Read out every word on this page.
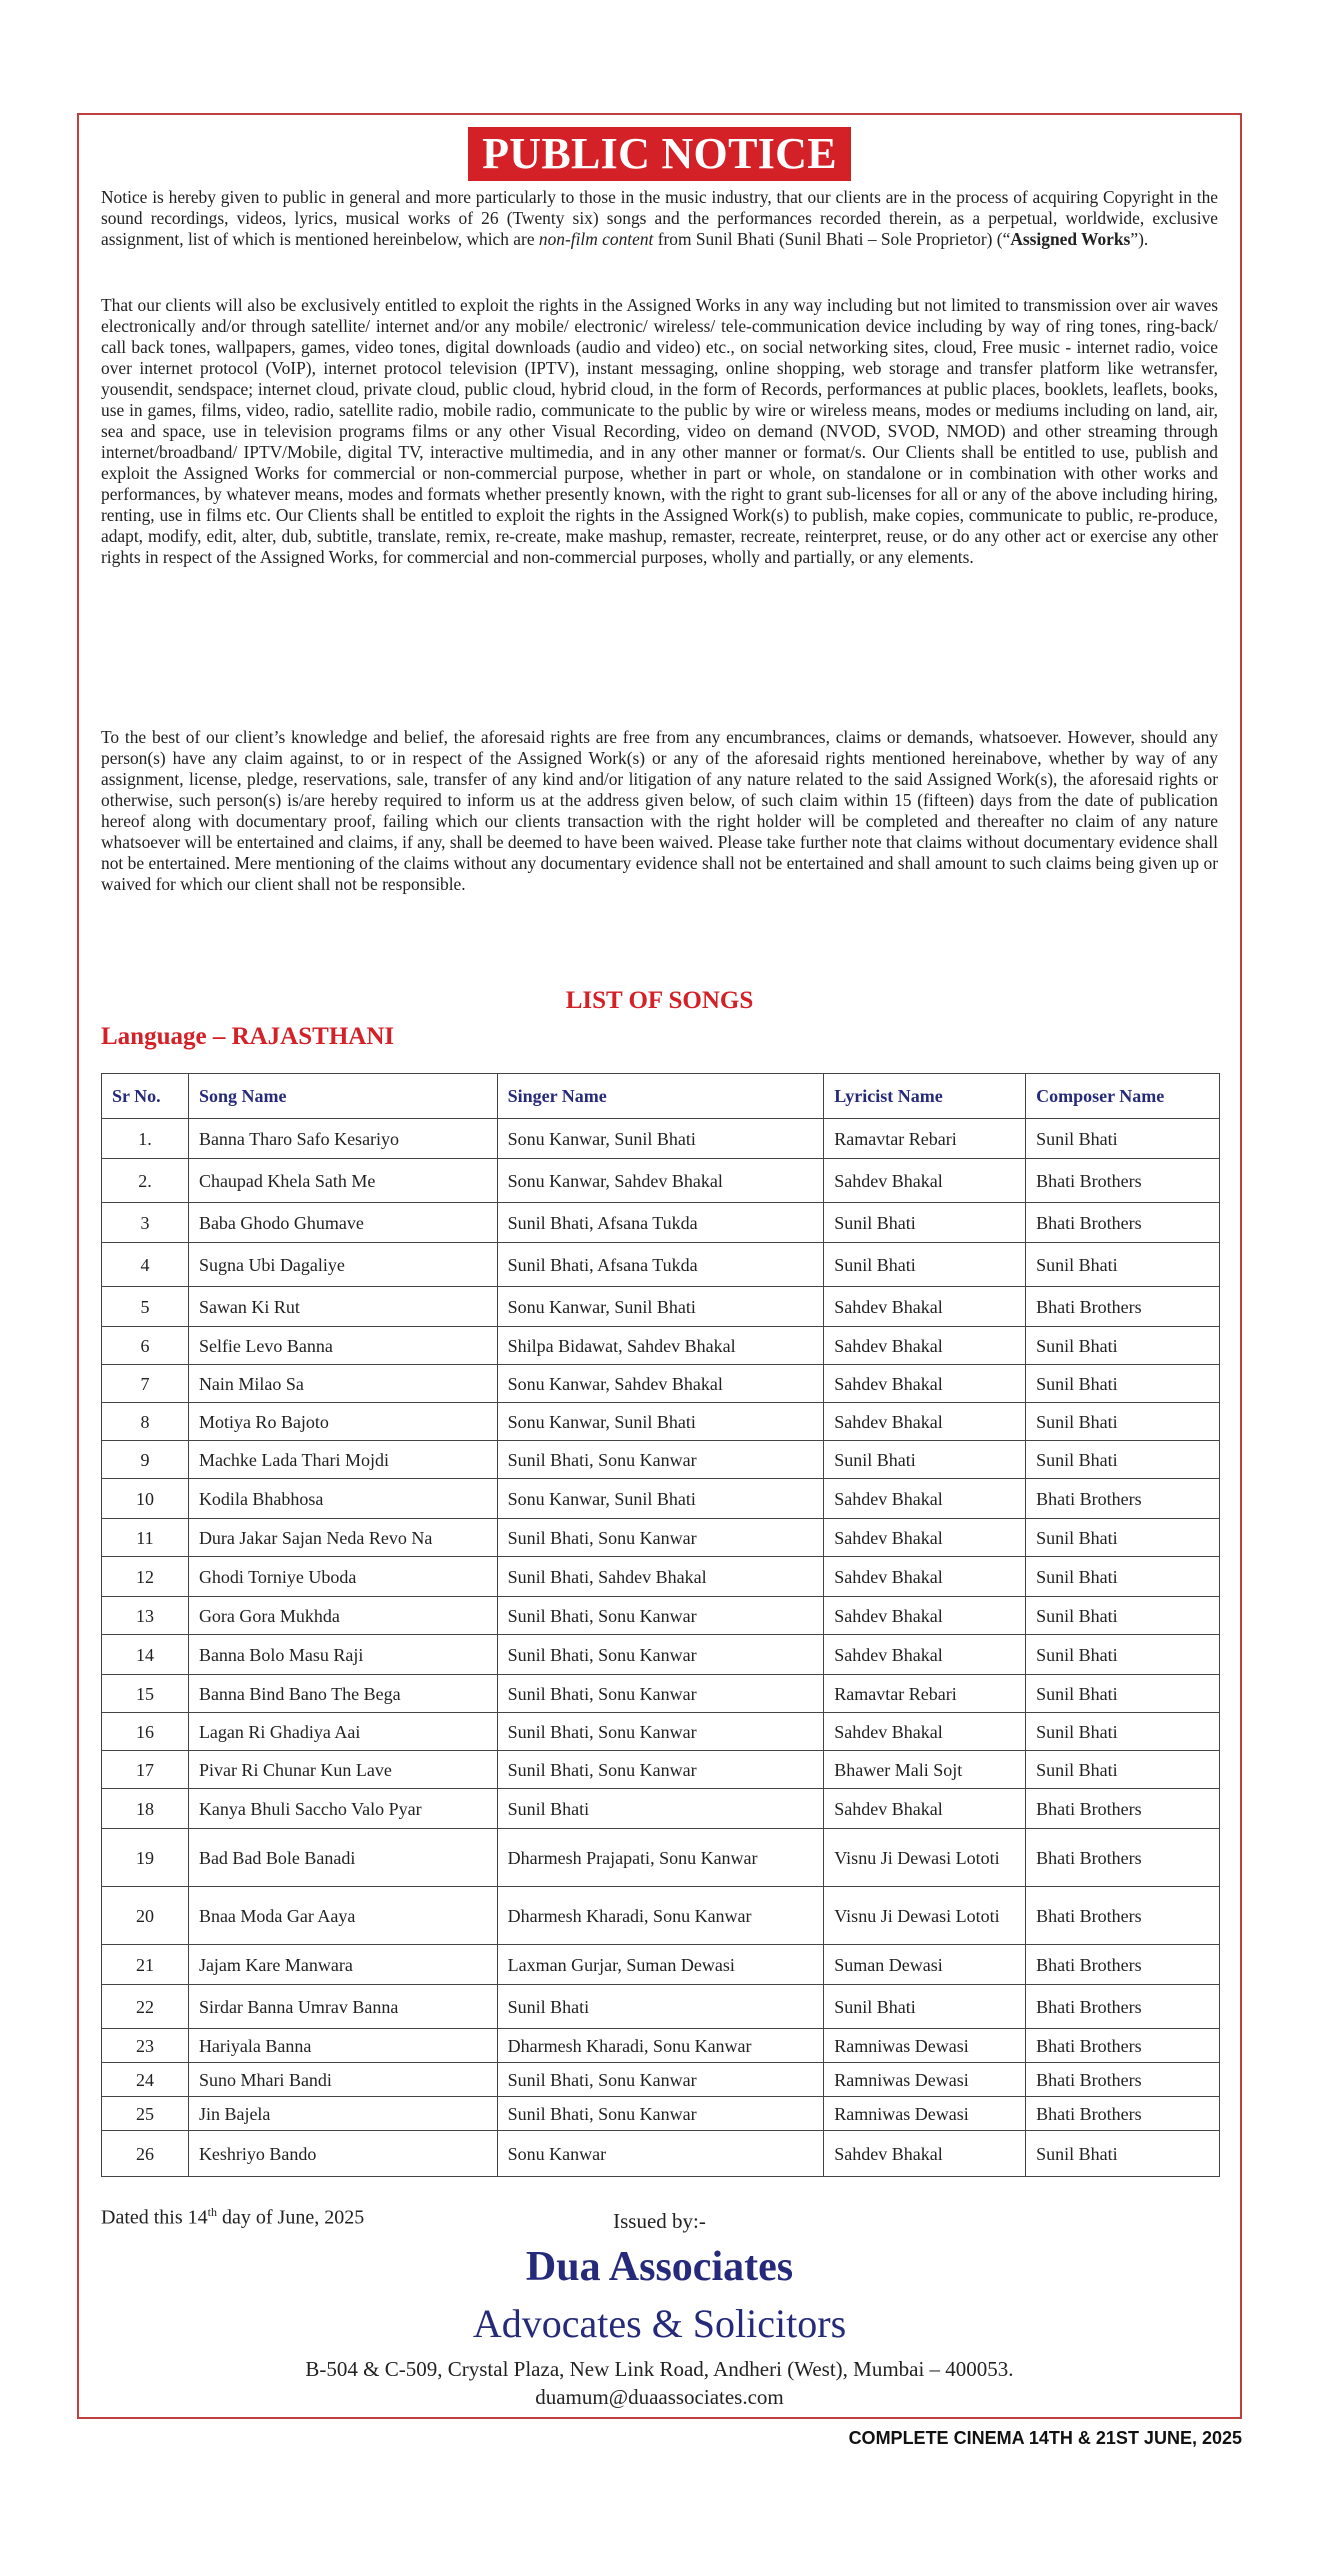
PUBLIC NOTICE

Notice is hereby given to public in general and more particularly to those in the music industry, that our clients are in the process of acquiring Copyright in the sound recordings, videos, lyrics, musical works of 26 (Twenty six) songs and the performances recorded therein, as a perpetual, worldwide, exclusive assignment, list of which is mentioned hereinbelow, which are non-film content from Sunil Bhati (Sunil Bhati – Sole Proprietor) (“Assigned Works”).

That our clients will also be exclusively entitled to exploit the rights in the Assigned Works in any way including but not limited to transmission over air waves electronically and/or through satellite/ internet and/or any mobile/ electronic/ wireless/ tele-communication device including by way of ring tones, ring-back/ call back tones, wallpapers, games, video tones, digital downloads (audio and video) etc., on social networking sites, cloud, Free music - internet radio, voice over internet protocol (VoIP), internet protocol television (IPTV), instant messaging, online shopping, web storage and transfer platform like wetransfer, yousendit, sendspace; internet cloud, private cloud, public cloud, hybrid cloud, in the form of Records, performances at public places, booklets, leaflets, books, use in games, films, video, radio, satellite radio, mobile radio, communicate to the public by wire or wireless means, modes or mediums including on land, air, sea and space, use in television programs films or any other Visual Recording, video on demand (NVOD, SVOD, NMOD) and other streaming through internet/broadband/ IPTV/Mobile, digital TV, interactive multimedia, and in any other manner or format/s. Our Clients shall be entitled to use, publish and exploit the Assigned Works for commercial or non-commercial purpose, whether in part or whole, on standalone or in combination with other works and performances, by whatever means, modes and formats whether presently known, with the right to grant sub-licenses for all or any of the above including hiring, renting, use in films etc. Our Clients shall be entitled to exploit the rights in the Assigned Work(s) to publish, make copies, communicate to public, re-produce, adapt, modify, edit, alter, dub, subtitle, translate, remix, re-create, make mashup, remaster, recreate, reinterpret, reuse, or do any other act or exercise any other rights in respect of the Assigned Works, for commercial and non-commercial purposes, wholly and partially, or any elements.

To the best of our client’s knowledge and belief, the aforesaid rights are free from any encumbrances, claims or demands, whatsoever. However, should any person(s) have any claim against, to or in respect of the Assigned Work(s) or any of the aforesaid rights mentioned hereinabove, whether by way of any assignment, license, pledge, reservations, sale, transfer of any kind and/or litigation of any nature related to the said Assigned Work(s), the aforesaid rights or otherwise, such person(s) is/are hereby required to inform us at the address given below, of such claim within 15 (fifteen) days from the date of publication hereof along with documentary proof, failing which our clients transaction with the right holder will be completed and thereafter no claim of any nature whatsoever will be entertained and claims, if any, shall be deemed to have been waived. Please take further note that claims without documentary evidence shall not be entertained. Mere mentioning of the claims without any documentary evidence shall not be entertained and shall amount to such claims being given up or waived for which our client shall not be responsible.

LIST OF SONGS
Language – RAJASTHANI
Sr No.	Song Name	Singer Name	Lyricist Name	Composer Name
1.	Banna Tharo Safo Kesariyo	Sonu Kanwar, Sunil Bhati	Ramavtar Rebari	Sunil Bhati
2.	Chaupad Khela Sath Me	Sonu Kanwar, Sahdev Bhakal	Sahdev Bhakal	Bhati Brothers
3	Baba Ghodo Ghumave	Sunil Bhati, Afsana Tukda	Sunil Bhati	Bhati Brothers
4	Sugna Ubi Dagaliye	Sunil Bhati, Afsana Tukda	Sunil Bhati	Sunil Bhati
5	Sawan Ki Rut	Sonu Kanwar, Sunil Bhati	Sahdev Bhakal	Bhati Brothers
6	Selfie Levo Banna	Shilpa Bidawat, Sahdev Bhakal	Sahdev Bhakal	Sunil Bhati
7	Nain Milao Sa	Sonu Kanwar, Sahdev Bhakal	Sahdev Bhakal	Sunil Bhati
8	Motiya Ro Bajoto	Sonu Kanwar, Sunil Bhati	Sahdev Bhakal	Sunil Bhati
9	Machke Lada Thari Mojdi	Sunil Bhati, Sonu Kanwar	Sunil Bhati	Sunil Bhati
10	Kodila Bhabhosa	Sonu Kanwar, Sunil Bhati	Sahdev Bhakal	Bhati Brothers
11	Dura Jakar Sajan Neda Revo Na	Sunil Bhati, Sonu Kanwar	Sahdev Bhakal	Sunil Bhati
12	Ghodi Torniye Uboda	Sunil Bhati, Sahdev Bhakal	Sahdev Bhakal	Sunil Bhati
13	Gora Gora Mukhda	Sunil Bhati, Sonu Kanwar	Sahdev Bhakal	Sunil Bhati
14	Banna Bolo Masu Raji	Sunil Bhati, Sonu Kanwar	Sahdev Bhakal	Sunil Bhati
15	Banna Bind Bano The Bega	Sunil Bhati, Sonu Kanwar	Ramavtar Rebari	Sunil Bhati
16	Lagan Ri Ghadiya Aai	Sunil Bhati, Sonu Kanwar	Sahdev Bhakal	Sunil Bhati
17	Pivar Ri Chunar Kun Lave	Sunil Bhati, Sonu Kanwar	Bhawer Mali Sojt	Sunil Bhati
18	Kanya Bhuli Saccho Valo Pyar	Sunil Bhati	Sahdev Bhakal	Bhati Brothers
19	Bad Bad Bole Banadi	Dharmesh Prajapati, Sonu Kanwar	Visnu Ji Dewasi Lototi	Bhati Brothers
20	Bnaa Moda Gar Aaya	Dharmesh Kharadi, Sonu Kanwar	Visnu Ji Dewasi Lototi	Bhati Brothers
21	Jajam Kare Manwara	Laxman Gurjar, Suman Dewasi	Suman Dewasi	Bhati Brothers
22	Sirdar Banna Umrav Banna	Sunil Bhati	Sunil Bhati	Bhati Brothers
23	Hariyala Banna	Dharmesh Kharadi, Sonu Kanwar	Ramniwas Dewasi	Bhati Brothers
24	Suno Mhari Bandi	Sunil Bhati, Sonu Kanwar	Ramniwas Dewasi	Bhati Brothers
25	Jin Bajela	Sunil Bhati, Sonu Kanwar	Ramniwas Dewasi	Bhati Brothers
26	Keshriyo Bando	Sonu Kanwar	Sahdev Bhakal	Sunil Bhati
Dated this 14th day of June, 2025	Issued by:-
Dua Associates
Advocates & Solicitors
B-504 & C-509, Crystal Plaza, New Link Road, Andheri (West), Mumbai – 400053.
duamum@duaassociates.com
COMPLETE CINEMA 14TH & 21ST JUNE, 2025
